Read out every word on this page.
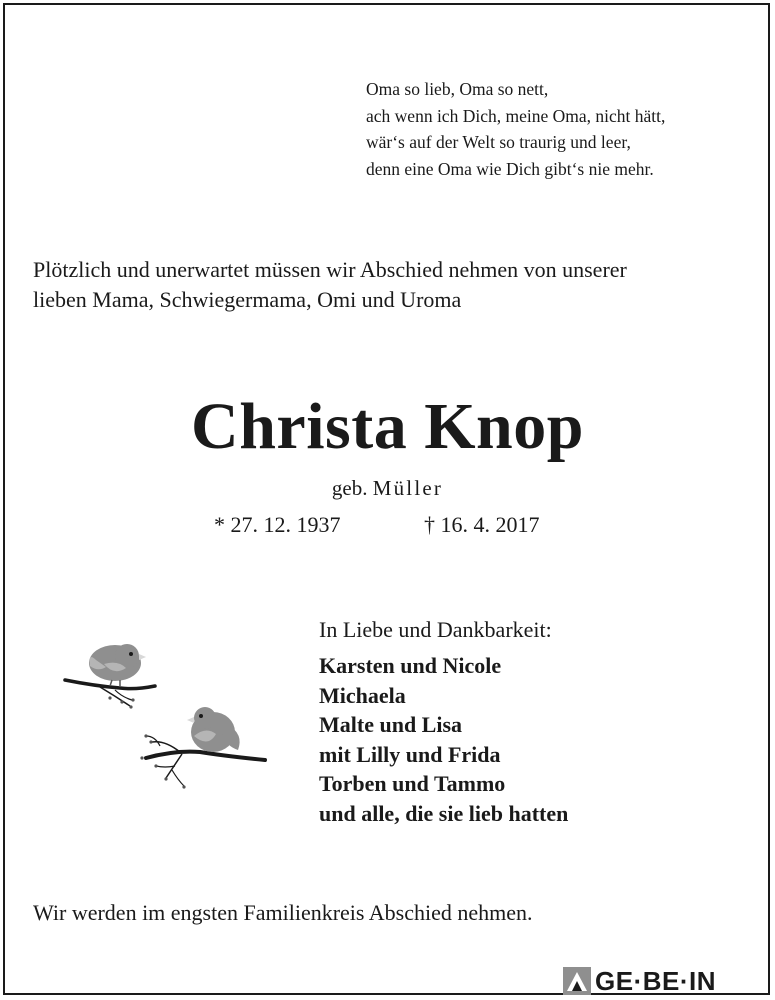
Oma so lieb, Oma so nett,
ach wenn ich Dich, meine Oma, nicht hätt,
wär‘s auf der Welt so traurig und leer,
denn eine Oma wie Dich gibt‘s nie mehr.
Plötzlich und unerwartet müssen wir Abschied nehmen von unserer
lieben Mama, Schwiegermama, Omi und Uroma
Christa Knop
geb. Müller
* 27. 12. 1937	† 16. 4. 2017
In Liebe und Dankbarkeit:
Karsten und Nicole
Michaela
Malte und Lisa
mit Lilly und Frida
Torben und Tammo
und alle, die sie lieb hatten
Wir werden im engsten Familienkreis Abschied nehmen.
GE·BE·IN
